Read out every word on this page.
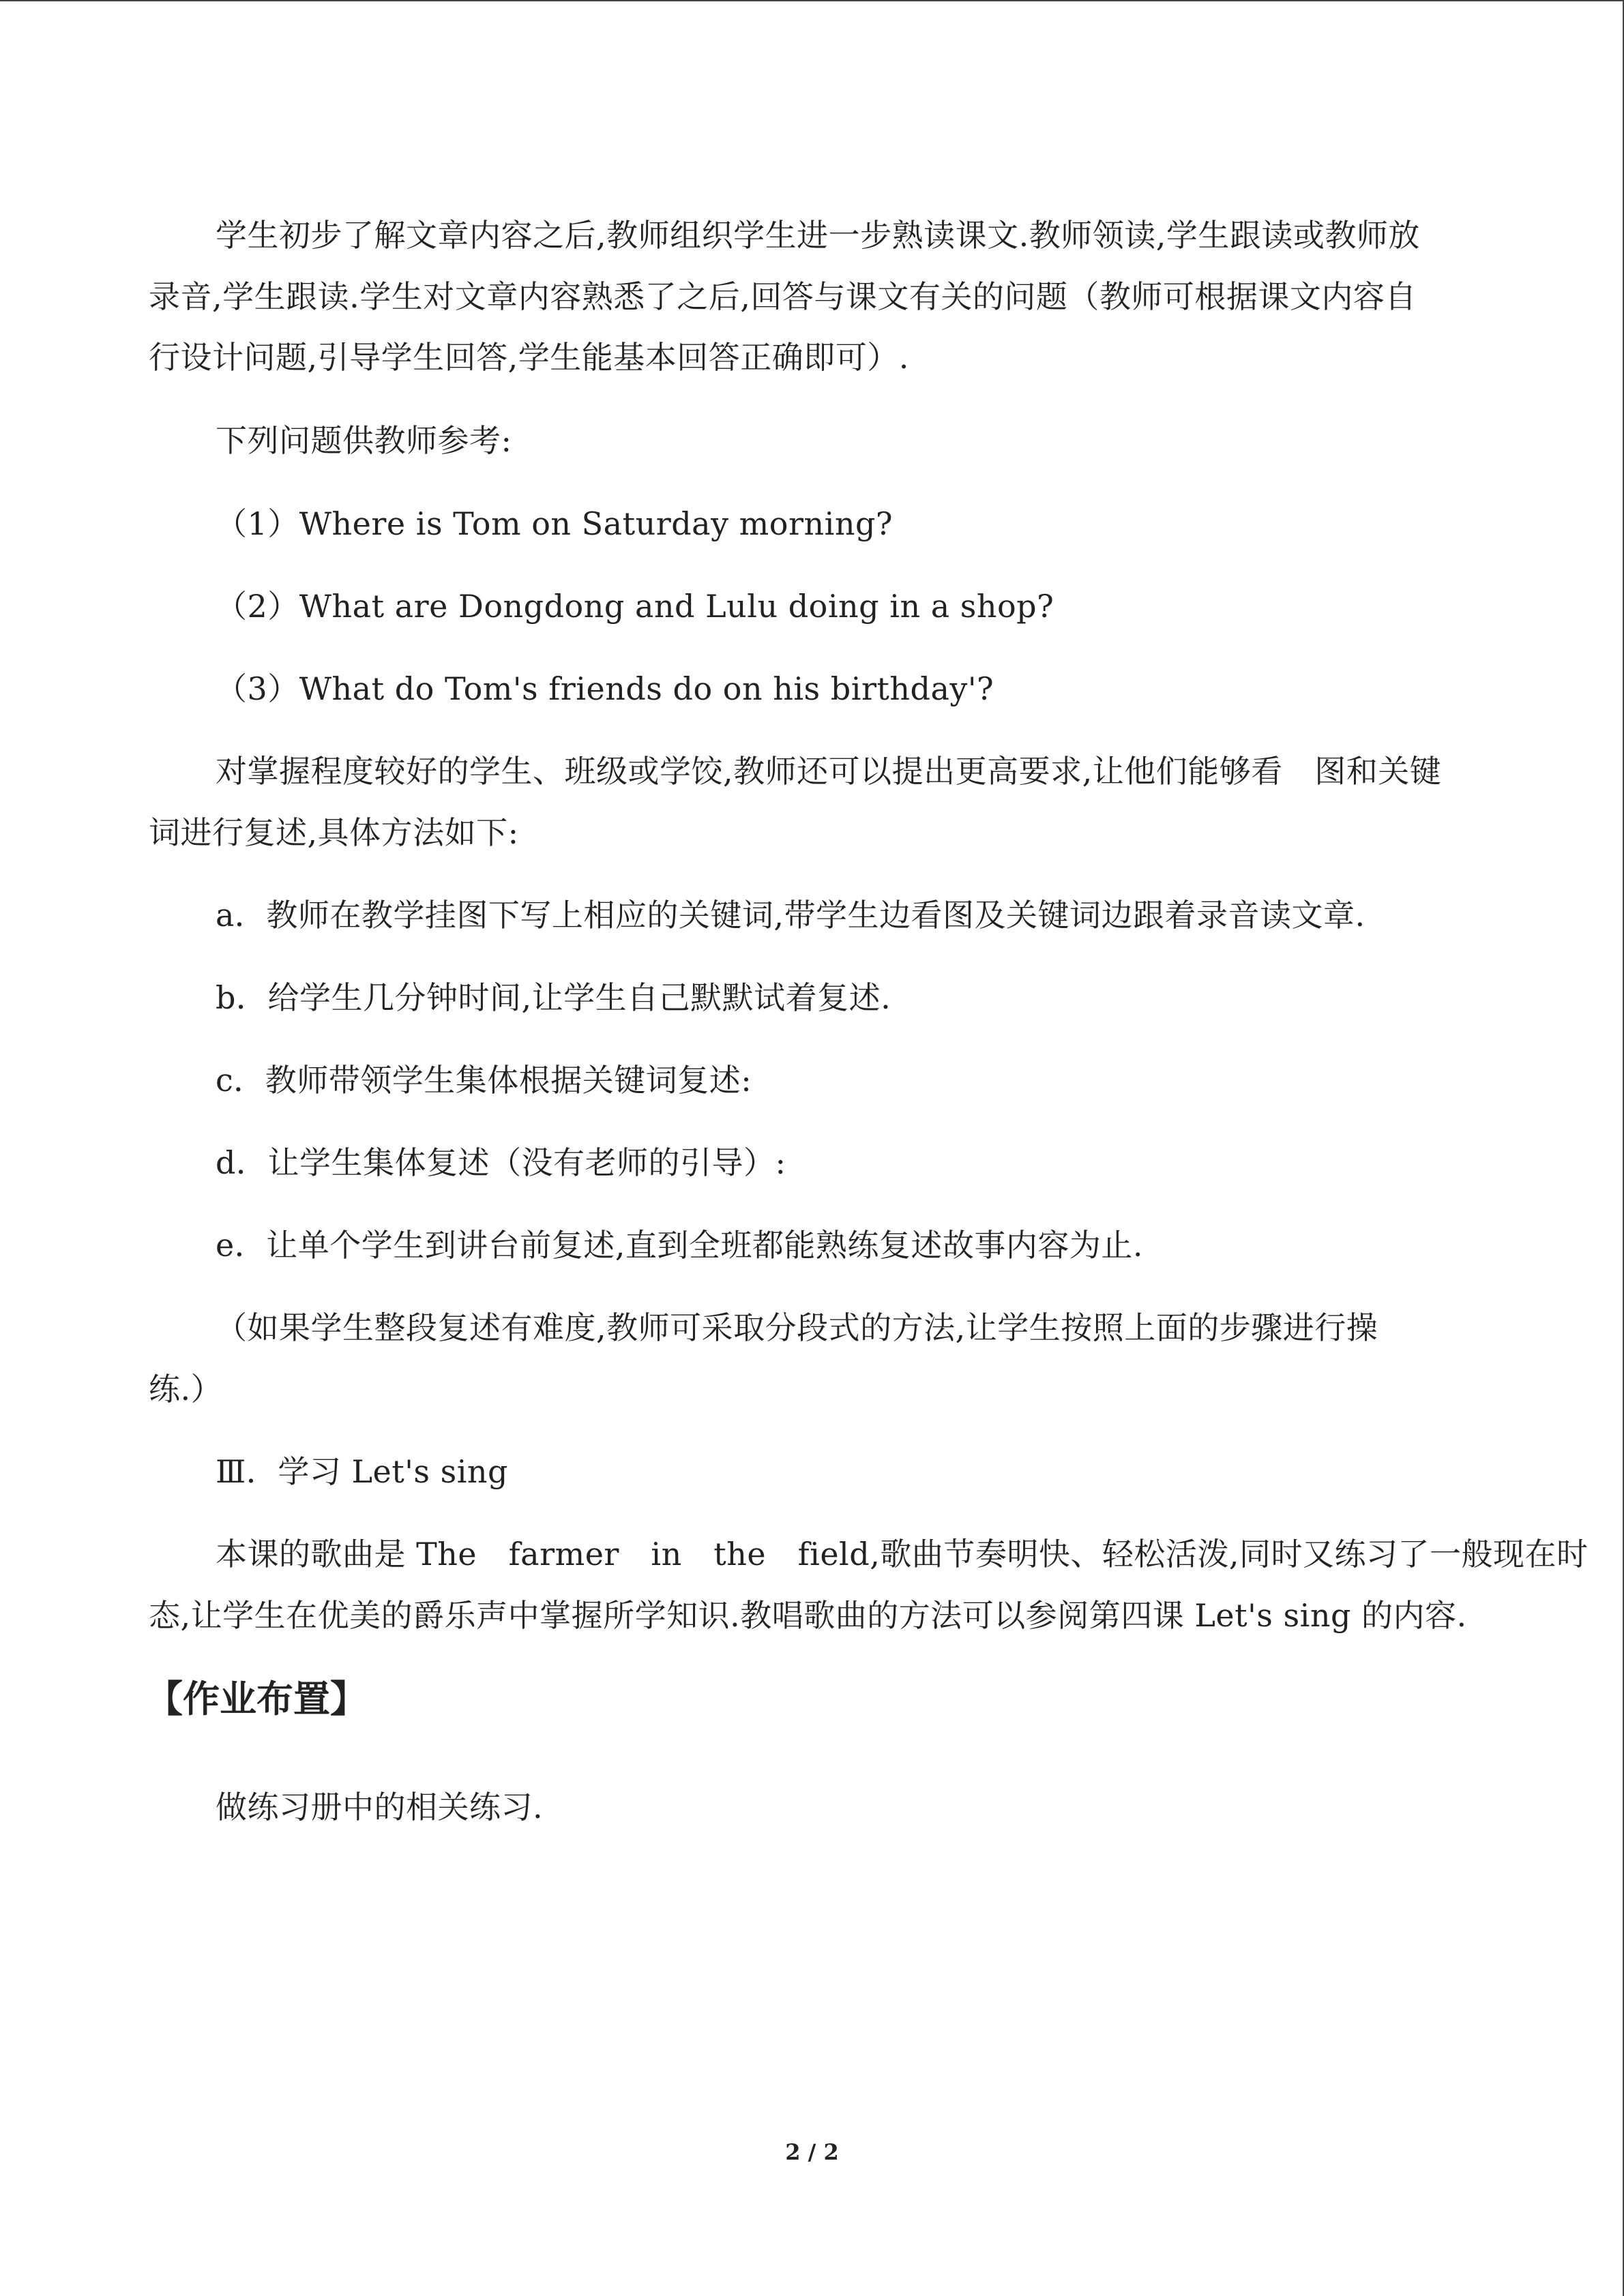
学生初步了解文章内容之后,教师组织学生进一步熟读课文.教师领读,学生跟读或教师放
录音,学生跟读.学生对文章内容熟悉了之后,回答与课文有关的问题（教师可根据课文内容自
行设计问题,引导学生回答,学生能基本回答正确即可）.
下列问题供教师参考:
（1）Where is Tom on Saturday morning?
（2）What are Dongdong and Lulu doing in a shop?
（3）What do Tom's friends do on his birthday'?
对掌握程度较好的学生、班级或学饺,教师还可以提出更高要求,让他们能够看　图和关键
词进行复述,具体方法如下:
a．教师在教学挂图下写上相应的关键词,带学生边看图及关键词边跟着录音读文章.
b．给学生几分钟时间,让学生自己默默试着复述.
c．教师带领学生集体根据关键词复述:
d．让学生集体复述（没有老师的引导）:
e．让单个学生到讲台前复述,直到全班都能熟练复述故事内容为止.
（如果学生整段复述有难度,教师可采取分段式的方法,让学生按照上面的步骤进行操
练.）
Ⅲ．学习 Let's sing
本课的歌曲是 The　farmer　in　the　field,歌曲节奏明快、轻松活泼,同时又练习了一般现在时
态,让学生在优美的爵乐声中掌握所学知识.教唱歌曲的方法可以参阅第四课 Let's sing 的内容.
【作业布置】
做练习册中的相关练习.
2 / 2
